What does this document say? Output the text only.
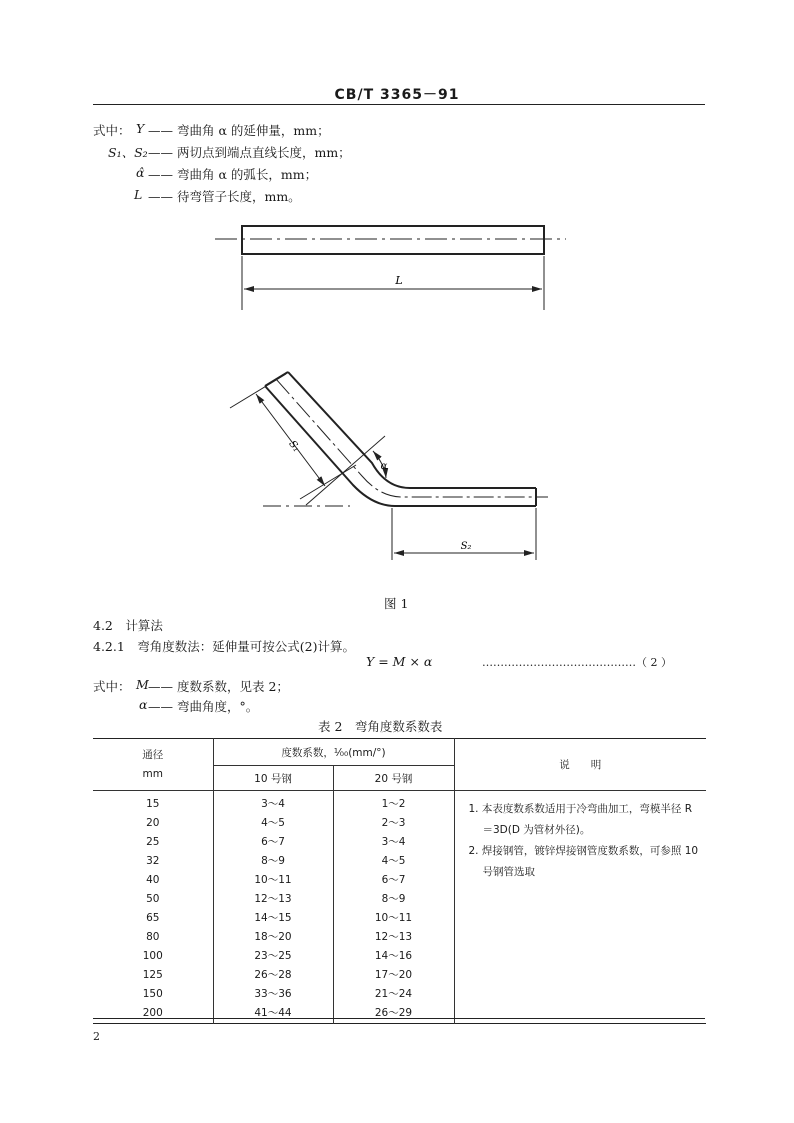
CB/T 3365－91
式中： Y —— 弯曲角 α 的延伸量，mm；
S₁、S₂ —— 两切点到端点直线长度，mm；
α̂ —— 弯曲角 α 的弧长，mm；
L —— 待弯管子长度，mm。
L
S₁
α
S₂
图 1
4.2　计算法
4.2.1　弯角度数法：延伸量可按公式(2)计算。
Y = M × α	……………………………………（ 2 ）
式中： M —— 度数系数，见表 2；
α —— 弯曲角度，°。
表 2　弯角度数系数表
通径
mm	度数系数，⅟₀₀(mm/°)		说　　明
	10 号钢	20 号钢	
15	3～4	1～2	1. 本表度数系数适用于冷弯曲加工，弯模半径 R＝3D(D 为管材外径)。
2. 焊接钢管，镀锌焊接钢管度数系数，可参照 10 号钢管选取

20	4～5	2～3	
25	6～7	3～4	
32	8～9	4～5	
40	10～11	6～7	
50	12～13	8～9	
65	14～15	10～11	
80	18～20	12～13	
100	23～25	14～16	
125	26～28	17～20	
150	33～36	21～24	
200	41～44	26～29	
2
